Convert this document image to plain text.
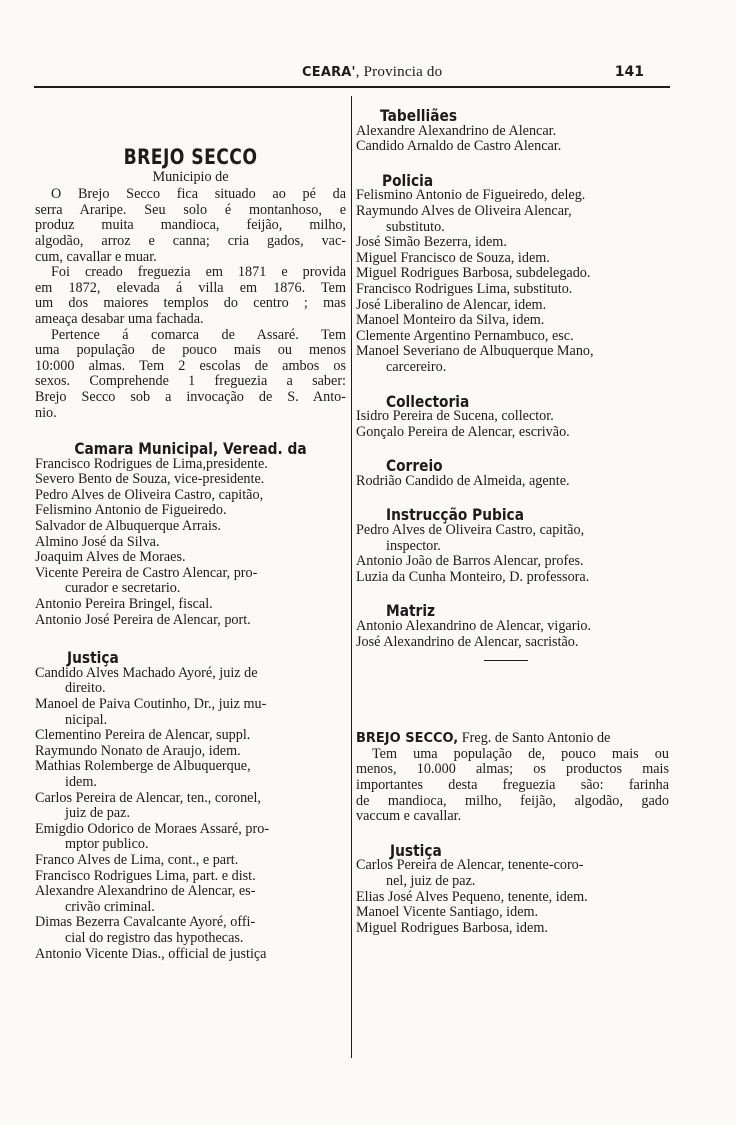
CEARA', Provincia do	141
BREJO SECCO
Municipio de

O Brejo Secco fica situado ao pé da

serra Araripe. Seu solo é montanhoso, e

produz muita mandioca, feijão, milho,

algodão, arroz e canna; cria gados, vac-

cum, cavallar e muar.

Foi creado freguezia em 1871 e provida

em 1872, elevada á villa em 1876. Tem

um dos maiores templos do centro ; mas

ameaça desabar uma fachada.

Pertence á comarca de Assaré. Tem

uma população de pouco mais ou menos

10:000 almas. Tem 2 escolas de ambos os

sexos. Comprehende 1 freguezia a saber:

Brejo Secco sob a invocação de S. Anto-

nio.

Camara Municipal, Veread. da

Francisco Rodrigues de Lima,presidente.

Severo Bento de Souza, vice-presidente.

Pedro Alves de Oliveira Castro, capitão,

Felismino Antonio de Figueiredo.

Salvador de Albuquerque Arrais.

Almino José da Silva.

Joaquim Alves de Moraes.

Vicente Pereira de Castro Alencar, pro-
curador e secretario.

Antonio Pereira Bringel, fiscal.

Antonio José Pereira de Alencar, port.

Justiça

Candido Alves Machado Ayoré, juiz de
direito.

Manoel de Paiva Coutinho, Dr., juiz mu-
nicipal.

Clementino Pereira de Alencar, suppl.

Raymundo Nonato de Araujo, idem.

Mathias Rolemberge de Albuquerque,
idem.

Carlos Pereira de Alencar, ten., coronel,
juiz de paz.

Emigdio Odorico de Moraes Assaré, pro-
mptor publico.

Franco Alves de Lima, cont., e part.

Francisco Rodrigues Lima, part. e dist.

Alexandre Alexandrino de Alencar, es-
crivão criminal.

Dimas Bezerra Cavalcante Ayoré, offi-
cial do registro das hypothecas.

Antonio Vicente Dias., official de justiça

Tabelliães

Alexandre Alexandrino de Alencar.

Candido Arnaldo de Castro Alencar.

Policia

Felismino Antonio de Figueiredo, deleg.

Raymundo Alves de Oliveira Alencar,
substituto.

José Simão Bezerra, idem.

Miguel Francisco de Souza, idem.

Miguel Rodrigues Barbosa, subdelegado.

Francisco Rodrigues Lima, substituto.

José Liberalino de Alencar, idem.

Manoel Monteiro da Silva, idem.

Clemente Argentino Pernambuco, esc.

Manoel Severiano de Albuquerque Mano,
carcereiro.

Collectoria

Isidro Pereira de Sucena, collector.

Gonçalo Pereira de Alencar, escrivão.

Correio

Rodrião Candido de Almeida, agente.

Instrucção Pubica

Pedro Alves de Oliveira Castro, capitão,
inspector.

Antonio João de Barros Alencar, profes.

Luzia da Cunha Monteiro, D. professora.

Matriz

Antonio Alexandrino de Alencar, vigario.

José Alexandrino de Alencar, sacristão.

BREJO SECCO, Freg. de Santo Antonio de

Tem uma população de, pouco mais ou

menos, 10.000 almas; os productos mais

importantes desta freguezia são: farinha

de mandioca, milho, feijão, algodão, gado

vaccum e cavallar.

Justiça

Carlos Pereira de Alencar, tenente-coro-
nel, juiz de paz.

Elias José Alves Pequeno, tenente, idem.

Manoel Vicente Santiago, idem.

Miguel Rodrigues Barbosa, idem.
